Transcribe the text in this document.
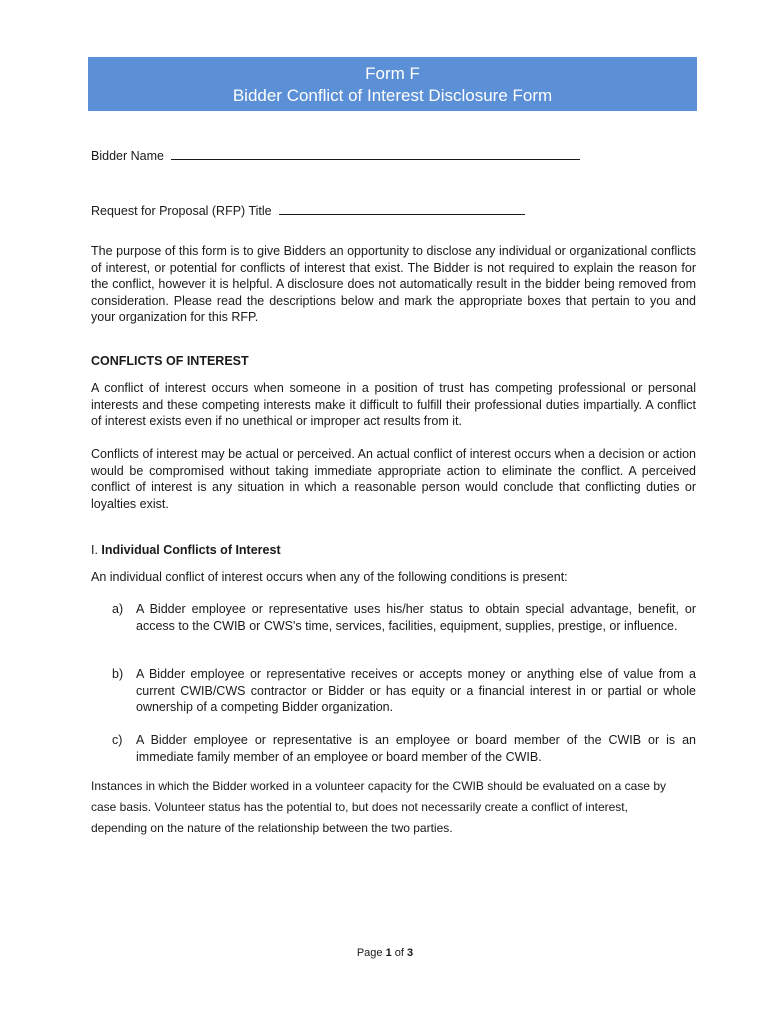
Form F
Bidder Conflict of Interest Disclosure Form
Bidder Name
Request for Proposal (RFP) Title

The purpose of this form is to give Bidders an opportunity to disclose any individual or organizational conflicts of interest, or potential for conflicts of interest that exist. The Bidder is not required to explain the reason for the conflict, however it is helpful. A disclosure does not automatically result in the bidder being removed from consideration. Please read the descriptions below and mark the appropriate boxes that pertain to you and your organization for this RFP.

CONFLICTS OF INTEREST

A conflict of interest occurs when someone in a position of trust has competing professional or personal interests and these competing interests make it difficult to fulfill their professional duties impartially. A conflict of interest exists even if no unethical or improper act results from it.

Conflicts of interest may be actual or perceived. An actual conflict of interest occurs when a decision or action would be compromised without taking immediate appropriate action to eliminate the conflict. A perceived conflict of interest is any situation in which a reasonable person would conclude that conflicting duties or loyalties exist.

I. Individual Conflicts of Interest

An individual conflict of interest occurs when any of the following conditions is present:

a) A Bidder employee or representative uses his/her status to obtain special advantage, benefit, or access to the CWIB or CWS's time, services, facilities, equipment, supplies, prestige, or influence.
b) A Bidder employee or representative receives or accepts money or anything else of value from a current CWIB/CWS contractor or Bidder or has equity or a financial interest in or partial or whole ownership of a competing Bidder organization.
c) A Bidder employee or representative is an employee or board member of the CWIB or is an immediate family member of an employee or board member of the CWIB.

Instances in which the Bidder worked in a volunteer capacity for the CWIB should be evaluated on a case by case basis. Volunteer status has the potential to, but does not necessarily create a conflict of interest, depending on the nature of the relationship between the two parties.

Page 1 of 3
